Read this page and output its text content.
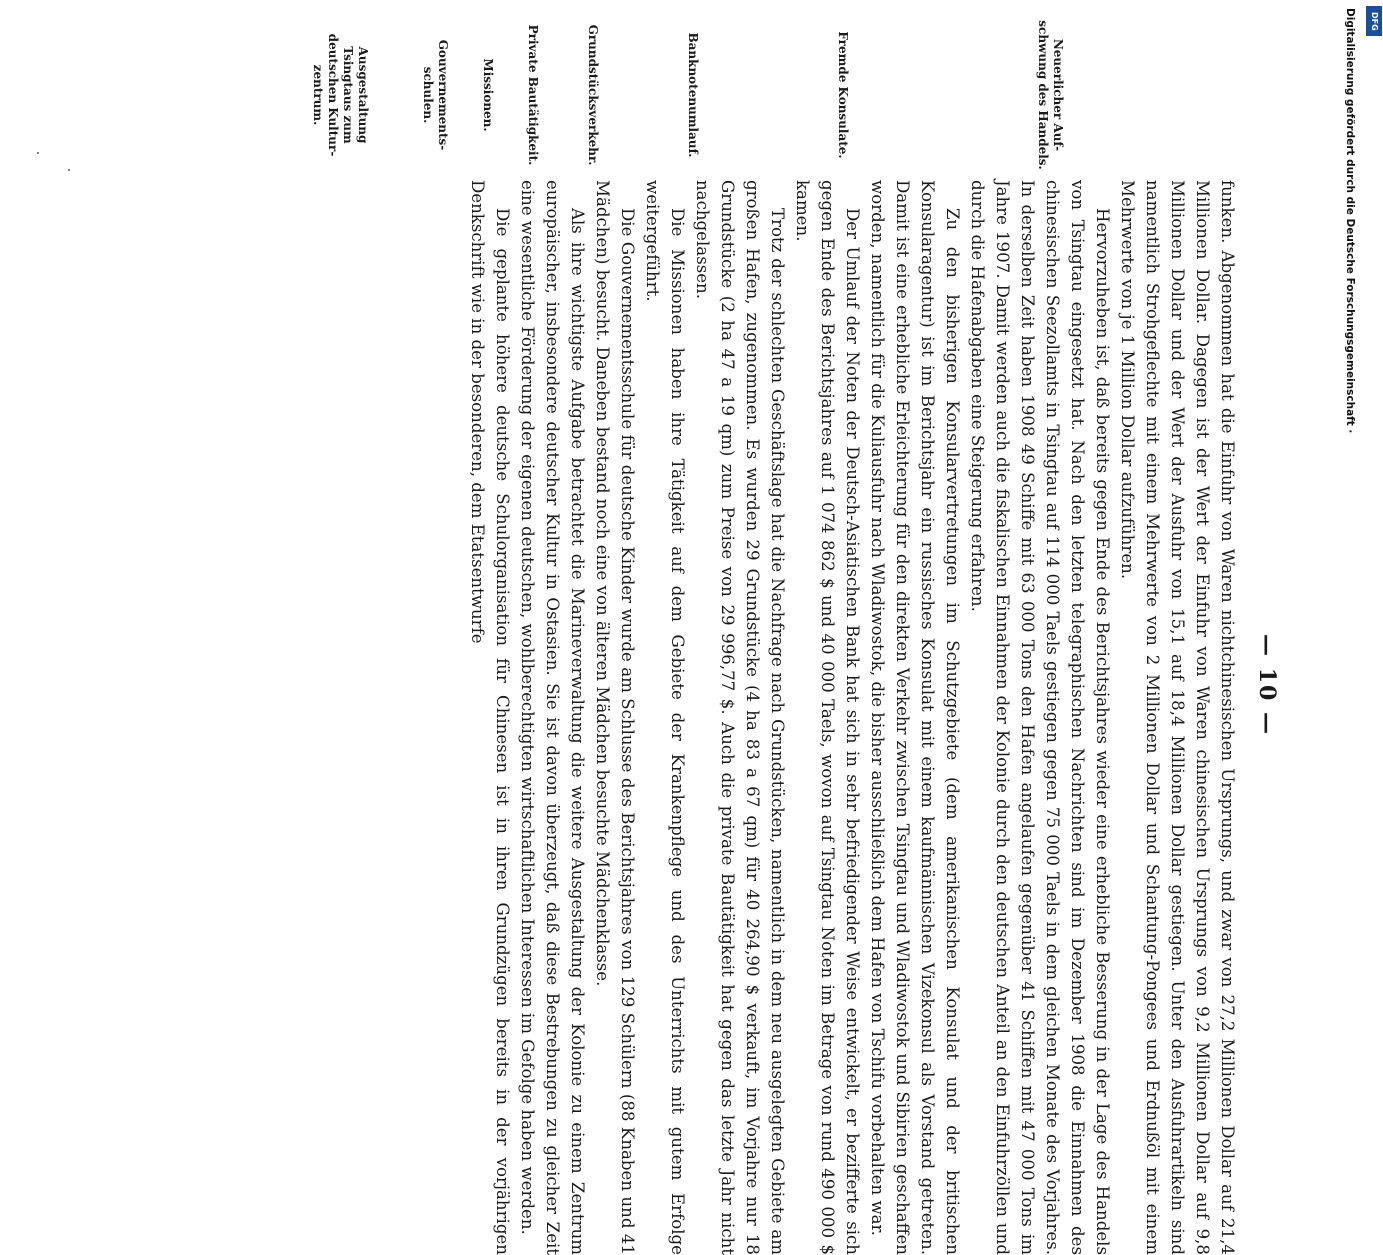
— 10 —

funken. Abgenommen hat die Einfuhr von Waren nichtchinesischen Ursprungs, und zwar von 27,2 Millionen Dollar auf 21,4 Millionen Dollar. Dagegen ist der Wert der Einfuhr von Waren chinesischen Ursprungs von 9,2 Millionen Dollar auf 9,8 Millionen Dollar und der Wert der Ausfuhr von 15,1 auf 18,4 Millionen Dollar gestiegen. Unter den Ausfuhrartikeln sind namentlich Strohgeflechte mit einem Mehrwerte von 2 Millionen Dollar und Schantung-Pongees und Erdnußöl mit einem Mehrwerte von je 1 Million Dollar aufzuführen.

Hervorzuheben ist, daß bereits gegen Ende des Berichtsjahres wieder eine erhebliche Besserung in der Lage des Handels von Tsingtau eingesetzt hat. Nach den letzten telegraphischen Nachrichten sind im Dezember 1908 die Einnahmen des chinesischen Seezollamts in Tsingtau auf 114 000 Taels gestiegen gegen 75 000 Taels in dem gleichen Monate des Vorjahres. In derselben Zeit haben 1908 49 Schiffe mit 63 000 Tons den Hafen angelaufen gegenüber 41 Schiffen mit 47 000 Tons im Jahre 1907. Damit werden auch die fiskalischen Einnahmen der Kolonie durch den deutschen Anteil an den Einfuhrzöllen und durch die Hafenabgaben eine Steigerung erfahren.

Zu den bisherigen Konsularvertretungen im Schutzgebiete (dem amerikanischen Konsulat und der britischen Konsularagentur) ist im Berichtsjahr ein russisches Konsulat mit einem kaufmännischen Vizekonsul als Vorstand getreten. Damit ist eine erhebliche Erleichterung für den direkten Verkehr zwischen Tsingtau und Wladiwostok und Sibirien geschaffen worden, namentlich für die Kuliausfuhr nach Wladiwostok, die bisher ausschließlich dem Hafen von Tschifu vorbehalten war.

Der Umlauf der Noten der Deutsch-Asiatischen Bank hat sich in sehr befriedigender Weise entwickelt, er bezifferte sich gegen Ende des Berichtsjahres auf 1 074 862 $ und 40 000 Taels, wovon auf Tsingtau Noten im Betrage von rund 490 000 $ kamen.

Trotz der schlechten Geschäftslage hat die Nachfrage nach Grundstücken, namentlich in dem neu ausgelegten Gebiete am großen Hafen, zugenommen. Es wurden 29 Grundstücke (4 ha 83 a 67 qm) für 40 264,90 $ verkauft, im Vorjahre nur 18 Grundstücke (2 ha 47 a 19 qm) zum Preise von 29 996,77 $. Auch die private Bautätigkeit hat gegen das letzte Jahr nicht nachgelassen.

Die Missionen haben ihre Tätigkeit auf dem Gebiete der Krankenpflege und des Unterrichts mit gutem Erfolge weitergeführt.

Die Gouvernementsschule für deutsche Kinder wurde am Schlusse des Berichtsjahres von 129 Schülern (88 Knaben und 41 Mädchen) besucht. Daneben bestand noch eine von älteren Mädchen besuchte Mädchenklasse.

Als ihre wichtigste Aufgabe betrachtet die Marineverwaltung die weitere Ausgestaltung der Kolonie zu einem Zentrum europäischer, insbesondere deutscher Kultur in Ostasien. Sie ist davon überzeugt, daß diese Bestrebungen zu gleicher Zeit eine wesentliche Förderung der eigenen deutschen, wohlberechtigten wirtschaftlichen Interessen im Gefolge haben werden.

Die geplante höhere deutsche Schulorganisation für Chinesen ist in ihren Grundzügen bereits in der vorjährigen Denkschrift wie in der besonderen, dem Etatsentwurfe

Neuerlicher Auf-schwung des Handels.
Fremde Konsulate.
Banknotenumlauf.
Grundstücksverkehr.
Private Bautätigkeit.
Missionen.
Gouvernements-schulen.
Ausgestaltung Tsingtaus zum deutschen Kultur-zentrum.
DFG
Digitalisierung gefördert durch die Deutsche Forschungsgemeinschaft ·
